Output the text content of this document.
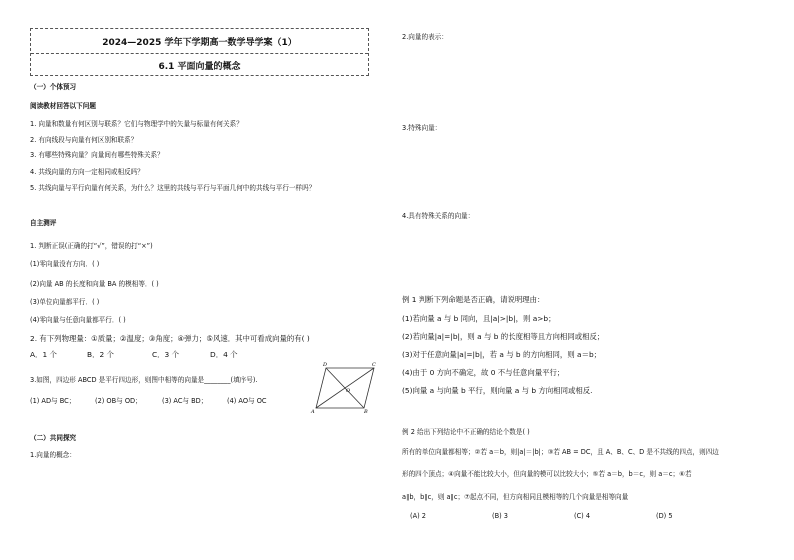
2024—2025 学年下学期高一数学导学案（1）
6.1 平面向量的概念
（一）个体预习
阅读教材回答以下问题
1. 向量和数量有何区别与联系？它们与物理学中的矢量与标量有何关系？
2. 有向线段与向量有何区别和联系？
3. 有哪些特殊向量？向量间有哪些特殊关系？
4. 共线向量的方向一定相同或相反吗？
5. 共线向量与平行向量有何关系，为什么？这里的共线与平行与平面几何中的共线与平行一样吗？
自主测评
1. 判断正误(正确的打“√”，错误的打“×”)
(1)零向量没有方向．( )
(2)向量 AB 的长度和向量 BA 的模相等．( )
(3)单位向量都平行．( )
(4)零向量与任意向量都平行．( )
2. 有下列物理量：①质量；②温度；③角度；④弹力；⑤风速．其中可看成向量的有( )
A．1 个	B．2 个	C．3 个	D．4 个
3.如图，四边形 ABCD 是平行四边形，则图中相等的向量是________(填序号).
(1) AD与 BC；	(2) OB与 OD；	(3) AC与 BD；	(4) AO与 OC
D	C
A	B
O
（二）共同探究
1.向量的概念：
2.向量的表示：
3.特殊向量：
4.具有特殊关系的向量：
例 1 判断下列命题是否正确，请说明理由：
(1)若向量 a 与 b 同向，且|a|>|b|，则 a>b；
(2)若向量|a|=|b|，则 a 与 b 的长度相等且方向相同或相反；
(3)对于任意向量|a|=|b|，若 a 与 b 的方向相同，则 a＝b；
(4)由于 0 方向不确定，故 0 不与任意向量平行；
(5)向量 a 与向量 b 平行，则向量 a 与 b 方向相同或相反.
例 2 给出下列结论中不正确的结论个数是( )
所有的单位向量都相等；②若 a＝b，则|a|＝|b|；③若 AB = DC，且 A、B、C、D 是不共线的四点，则四边
形的四个顶点；④向量不能比较大小，但向量的模可以比较大小；⑤若 a＝b，b＝c，则 a＝c；⑥若
a∥b，b∥c，则 a∥c；⑦起点不同，但方向相同且模相等的几个向量是相等向量
(A) 2	(B) 3	(C) 4	(D) 5
